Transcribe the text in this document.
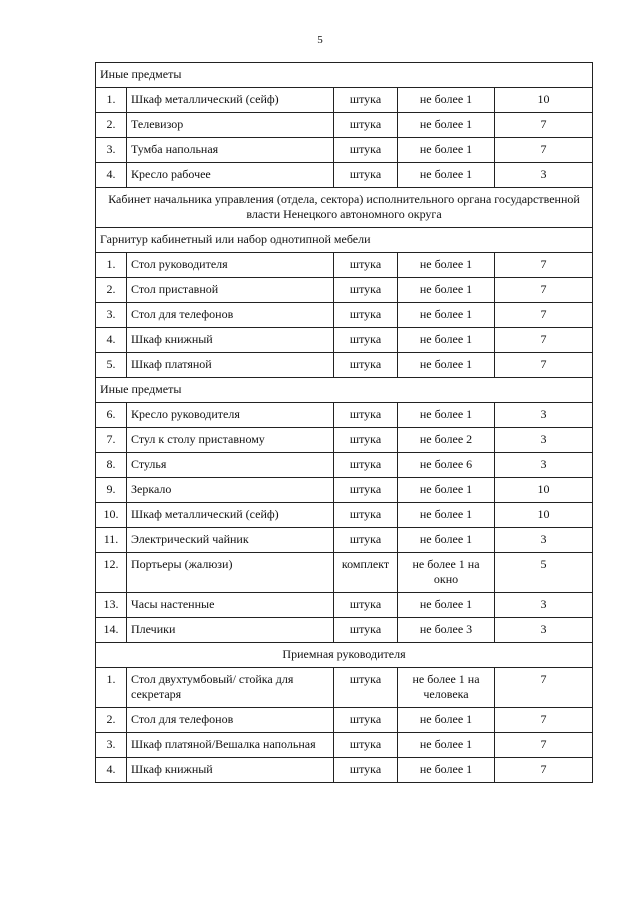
5
Иные предметы				
1.	Шкаф металлический (сейф)	штука	не более 1	10
2.	Телевизор	штука	не более 1	7
3.	Тумба напольная	штука	не более 1	7
4.	Кресло рабочее	штука	не более 1	3
Кабинет начальника управления (отдела, сектора) исполнительного органа государственной власти Ненецкого автономного округа				
Гарнитур кабинетный или набор однотипной мебели				
1.	Стол руководителя	штука	не более 1	7
2.	Стол приставной	штука	не более 1	7
3.	Стол для телефонов	штука	не более 1	7
4.	Шкаф книжный	штука	не более 1	7
5.	Шкаф платяной	штука	не более 1	7
Иные предметы				
6.	Кресло руководителя	штука	не более 1	3
7.	Стул к столу приставному	штука	не более 2	3
8.	Стулья	штука	не более 6	3
9.	Зеркало	штука	не более 1	10
10.	Шкаф металлический (сейф)	штука	не более 1	10
11.	Электрический чайник	штука	не более 1	3
12.	Портьеры (жалюзи)	комплект	не более 1 на окно	5
13.	Часы настенные	штука	не более 1	3
14.	Плечики	штука	не более 3	3
Приемная руководителя				
1.	Стол двухтумбовый/ стойка для секретаря	штука	не более 1 на человека	7
2.	Стол для телефонов	штука	не более 1	7
3.	Шкаф платяной/Вешалка напольная	штука	не более 1	7
4.	Шкаф книжный	штука	не более 1	7
